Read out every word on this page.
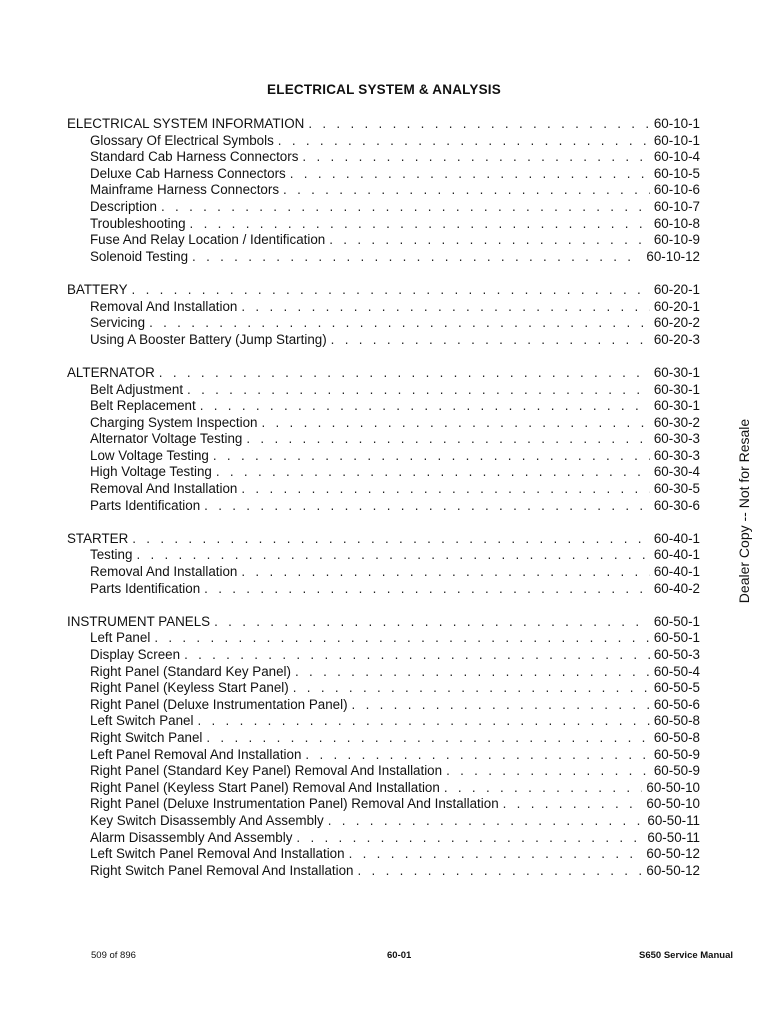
ELECTRICAL SYSTEM & ANALYSIS
ELECTRICAL SYSTEM INFORMATION . . .	60-10-1
Glossary Of Electrical Symbols . . .	60-10-1
Standard Cab Harness Connectors . . .	60-10-4
Deluxe Cab Harness Connectors . . .	60-10-5
Mainframe Harness Connectors . . .	60-10-6
Description . . .	60-10-7
Troubleshooting . . .	60-10-8
Fuse And Relay Location / Identification . . .	60-10-9
Solenoid Testing . . .	60-10-12
BATTERY . . .	60-20-1
Removal And Installation . . .	60-20-1
Servicing . . .	60-20-2
Using A Booster Battery (Jump Starting) . . .	60-20-3
ALTERNATOR . . .	60-30-1
Belt Adjustment . . .	60-30-1
Belt Replacement . . .	60-30-1
Charging System Inspection . . .	60-30-2
Alternator Voltage Testing . . .	60-30-3
Low Voltage Testing . . .	60-30-3
High Voltage Testing . . .	60-30-4
Removal And Installation . . .	60-30-5
Parts Identification . . .	60-30-6
STARTER . . .	60-40-1
Testing . . .	60-40-1
Removal And Installation . . .	60-40-1
Parts Identification . . .	60-40-2
INSTRUMENT PANELS . . .	60-50-1
Left Panel . . .	60-50-1
Display Screen . . .	60-50-3
Right Panel (Standard Key Panel) . . .	60-50-4
Right Panel (Keyless Start Panel) . . .	60-50-5
Right Panel (Deluxe Instrumentation Panel) . . .	60-50-6
Left Switch Panel . . .	60-50-8
Right Switch Panel . . .	60-50-8
Left Panel Removal And Installation . . .	60-50-9
Right Panel (Standard Key Panel) Removal And Installation . . .	60-50-9
Right Panel (Keyless Start Panel) Removal And Installation . . .	60-50-10
Right Panel (Deluxe Instrumentation Panel) Removal And Installation . . .	60-50-10
Key Switch Disassembly And Assembly . . .	60-50-11
Alarm Disassembly And Assembly . . .	60-50-11
Left Switch Panel Removal And Installation . . .	60-50-12
Right Switch Panel Removal And Installation . . .	60-50-12
Dealer Copy -- Not for Resale
509 of 896	60-01	S650 Service Manual
